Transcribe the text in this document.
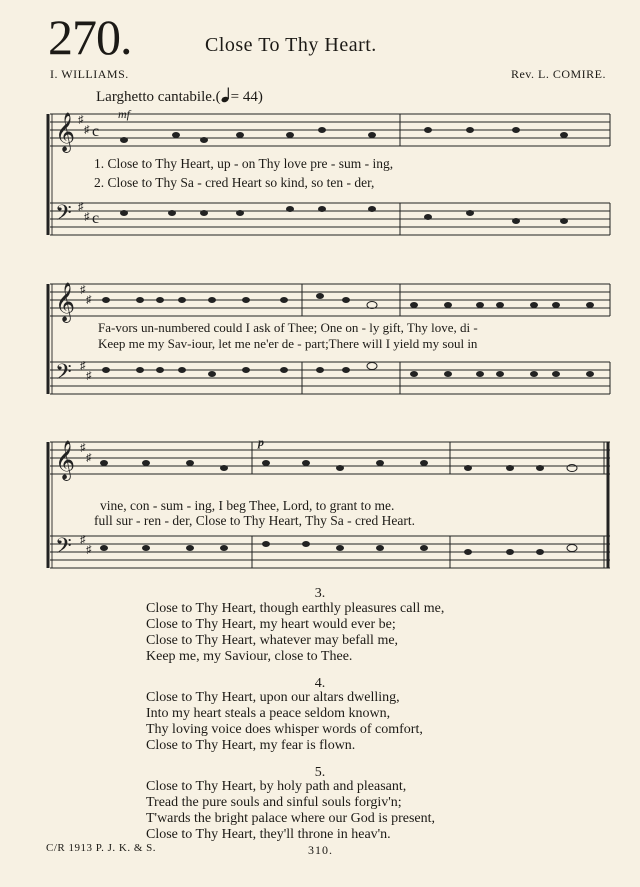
270.	Close To Thy Heart.
I. WILLIAMS.	Rev. L. COMIRE.
Larghetto cantabile.( = 44)
𝄞
𝄢
♯
♯
♯
♯
c
c
mf
1. Close to Thy Heart, up - on Thy love pre - sum - ing,
2. Close to Thy Sa - cred Heart so kind, so ten - der,
𝄞
𝄢
♯
♯
♯
♯
Fa-vors un-numbered could I ask of Thee; One on - ly gift, Thy love, di -
Keep me my Sav-iour, let me ne'er de - part;There will I yield my soul in
𝄞
𝄢
♯
♯
♯
♯
p
vine, con - sum - ing, I beg Thee, Lord, to grant to me.
full sur - ren - der, Close to Thy Heart, Thy Sa - cred Heart.
3.
Close to Thy Heart, though earthly pleasures call me,
Close to Thy Heart, my heart would ever be;
Close to Thy Heart, whatever may befall me,
Keep me, my Saviour, close to Thee.
4.
Close to Thy Heart, upon our altars dwelling,
Into my heart steals a peace seldom known,
Thy loving voice does whisper words of comfort,
Close to Thy Heart, my fear is flown.
5.
Close to Thy Heart, by holy path and pleasant,
Tread the pure souls and sinful souls forgiv'n;
T'wards the bright palace where our God is present,
Close to Thy Heart, they'll throne in heav'n.
C/R 1913 P. J. K. & S.	310.
